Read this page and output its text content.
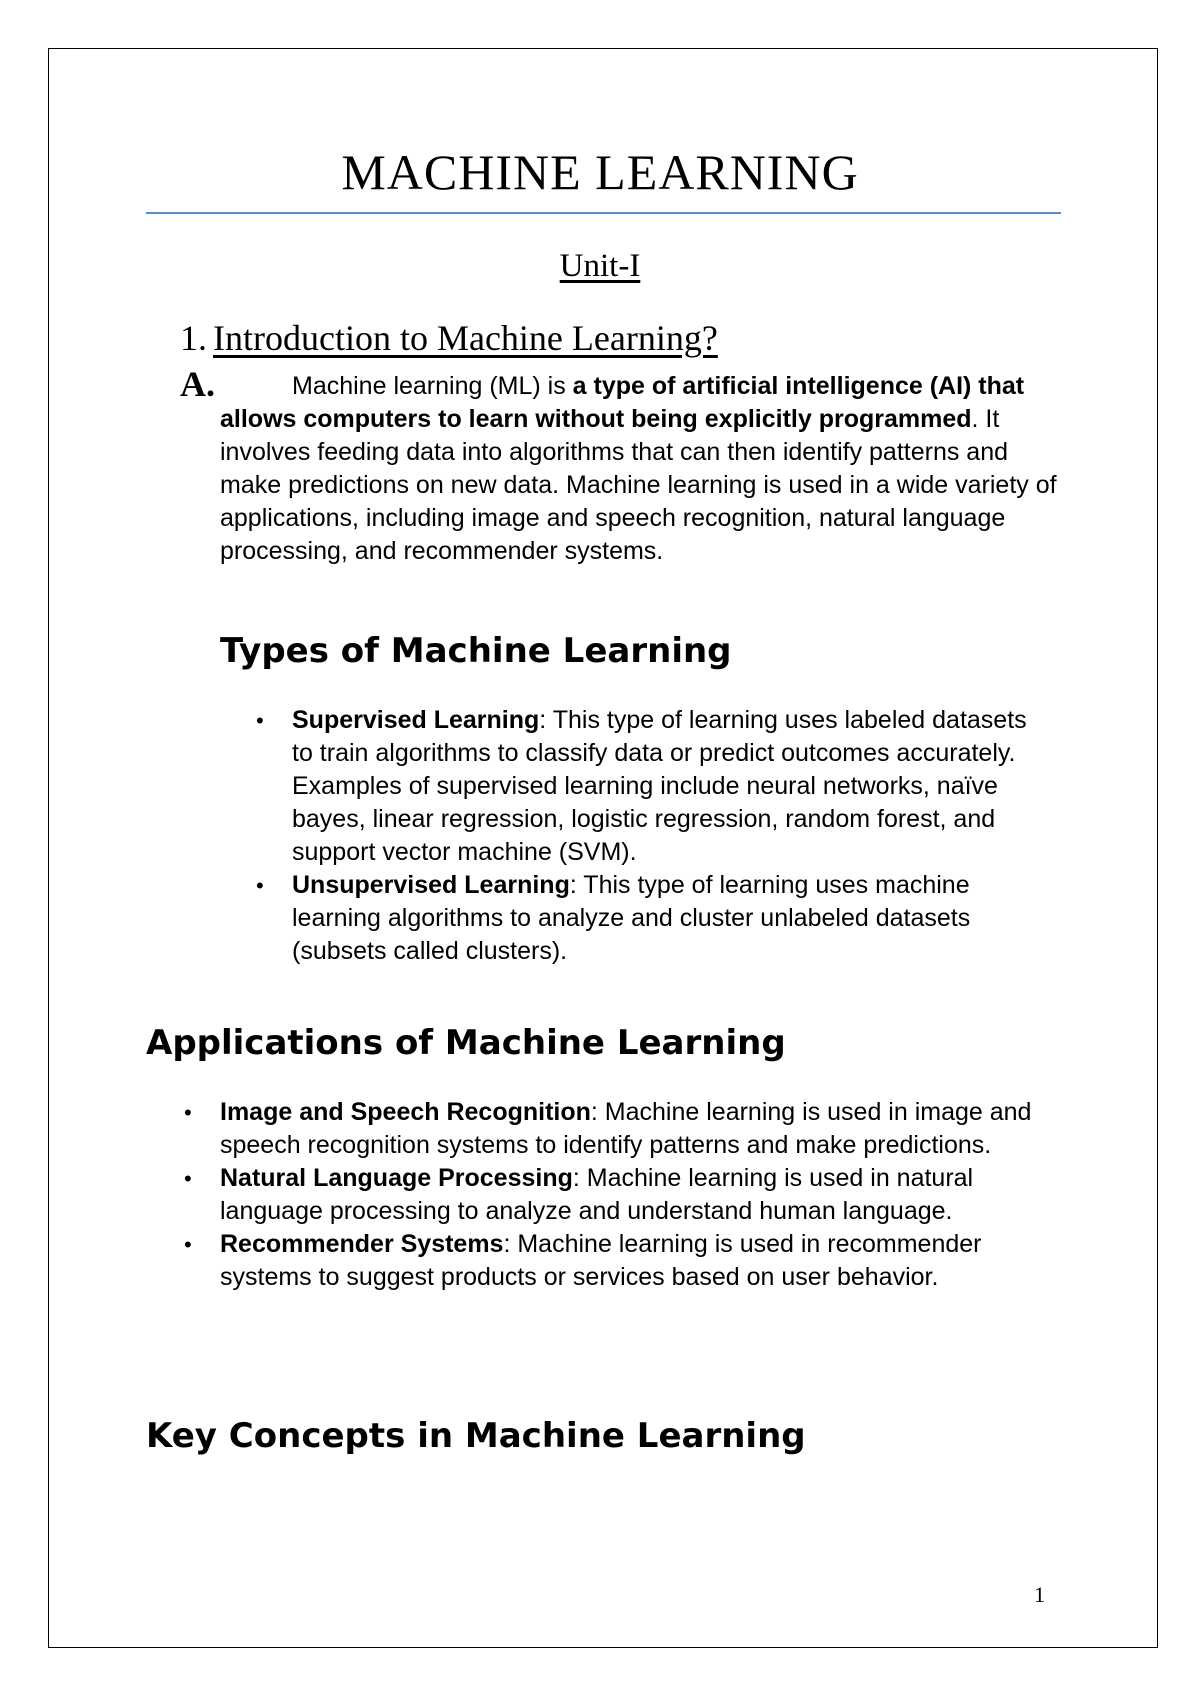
MACHINE LEARNING
Unit-I
1. Introduction to Machine Learning?
A.	Machine learning (ML) is a type of artificial intelligence (AI) that allows computers to learn without being explicitly programmed. It involves feeding data into algorithms that can then identify patterns and make predictions on new data. Machine learning is used in a wide variety of applications, including image and speech recognition, natural language processing, and recommender systems.

Types of Machine Learning
• Supervised Learning: This type of learning uses labeled datasets to train algorithms to classify data or predict outcomes accurately. Examples of supervised learning include neural networks, naïve bayes, linear regression, logistic regression, random forest, and support vector machine (SVM).
• Unsupervised Learning: This type of learning uses machine learning algorithms to analyze and cluster unlabeled datasets (subsets called clusters).
Applications of Machine Learning
• Image and Speech Recognition: Machine learning is used in image and speech recognition systems to identify patterns and make predictions.
• Natural Language Processing: Machine learning is used in natural language processing to analyze and understand human language.
• Recommender Systems: Machine learning is used in recommender systems to suggest products or services based on user behavior.
Key Concepts in Machine Learning
1
